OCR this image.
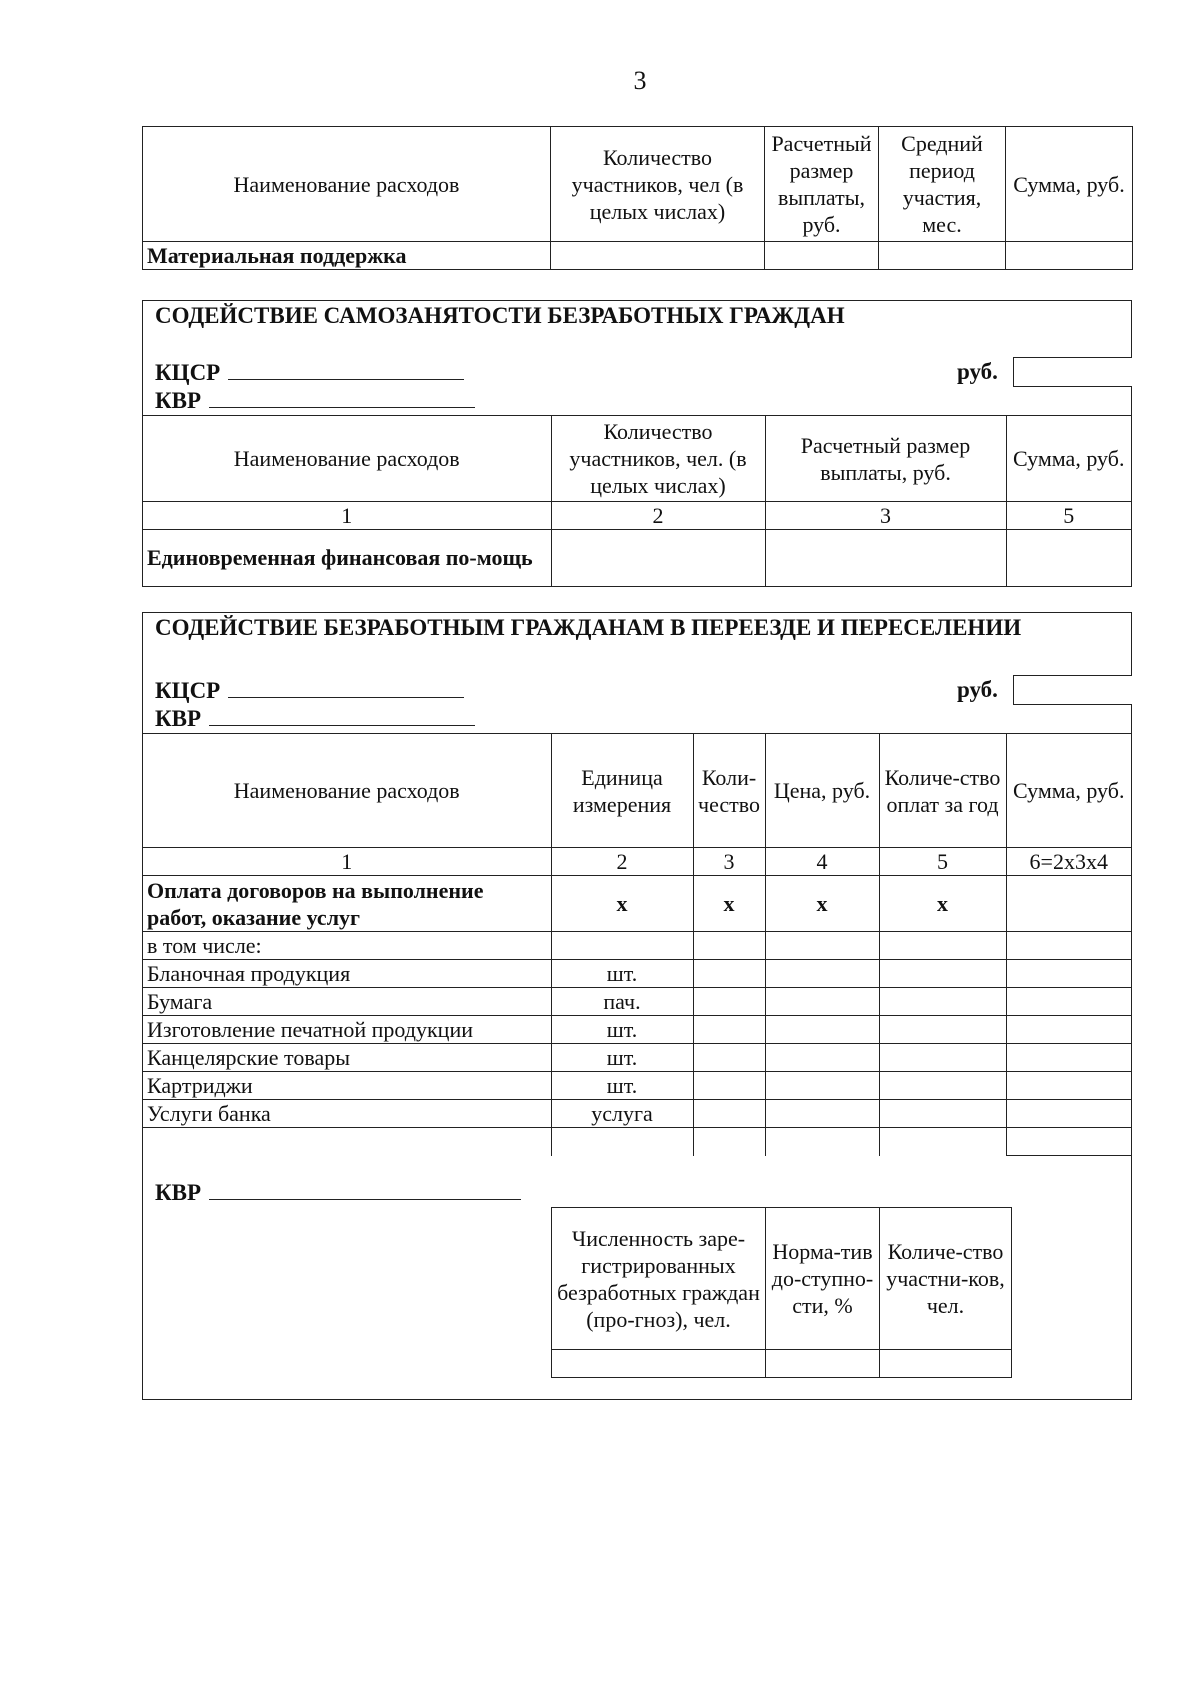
3
Наименование расходов	Количество участников, чел (в целых числах)	Расчетный размер выплаты, руб.	Средний период участия, мес.	Сумма, руб.
Материальная поддержка				
СОДЕЙСТВИЕ САМОЗАНЯТОСТИ БЕЗРАБОТНЫХ ГРАЖДАН
КЦСР
КВР
руб.
Наименование расходов	Количество участников, чел. (в целых числах)	Расчетный размер выплаты, руб.	Сумма, руб.
1	2	3	5
Единовременная финансовая по-мощь			
СОДЕЙСТВИЕ БЕЗРАБОТНЫМ ГРАЖДАНАМ В ПЕРЕЕЗДЕ И ПЕРЕСЕЛЕНИИ
КЦСР
КВР
руб.
Наименование расходов	Единица измерения	Коли-чество	Цена, руб.	Количе-ство оплат за год	Сумма, руб.
1	2	3	4	5	6=2х3х4
Оплата договоров на выполнение работ, оказание услуг	х	х	х	х	
в том числе:					
Бланочная продукция	шт.				
Бумага	пач.				
Изготовление печатной продукции	шт.				
Канцелярские товары	шт.				
Картриджи	шт.				
Услуги банка	услуга				

КВР
Численность заре-гистрированных безработных граждан (про-гноз), чел.	Норма-тив до-ступно-сти, %	Количе-ство участни-ков, чел.
